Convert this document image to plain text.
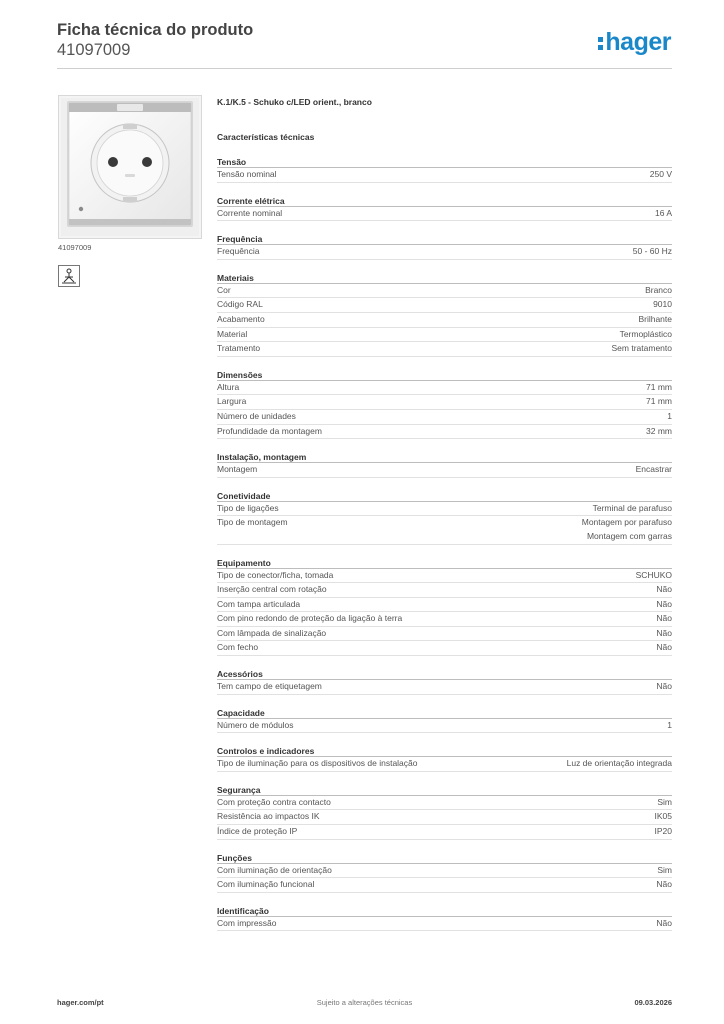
Ficha técnica do produto
41097009	hager
41097009
K.1/K.5 - Schuko c/LED orient., branco
Características técnicas
Tensão
Tensão nominal	250 V
Corrente elétrica
Corrente nominal	16 A
Frequência
Frequência	50 - 60 Hz
Materiais
Cor	Branco
Código RAL	9010
Acabamento	Brilhante
Material	Termoplástico
Tratamento	Sem tratamento
Dimensões
Altura	71 mm
Largura	71 mm
Número de unidades	1
Profundidade da montagem	32 mm
Instalação, montagem
Montagem	Encastrar
Conetividade
Tipo de ligações	Terminal de parafuso
Tipo de montagem	Montagem por parafuso
Montagem com garras
Equipamento
Tipo de conector/ficha, tomada	SCHUKO
Inserção central com rotação	Não
Com tampa articulada	Não
Com pino redondo de proteção da ligação à terra	Não
Com lâmpada de sinalização	Não
Com fecho	Não
Acessórios
Tem campo de etiquetagem	Não
Capacidade
Número de módulos	1
Controlos e indicadores
Tipo de iluminação para os dispositivos de instalação	Luz de orientação integrada
Segurança
Com proteção contra contacto	Sim
Resistência ao impactos IK	IK05
Índice de proteção IP	IP20
Funções
Com iluminação de orientação	Sim
Com iluminação funcional	Não
Identificação
Com impressão	Não
Sujeito a alterações técnicas
hager.com/pt	09.03.2026
